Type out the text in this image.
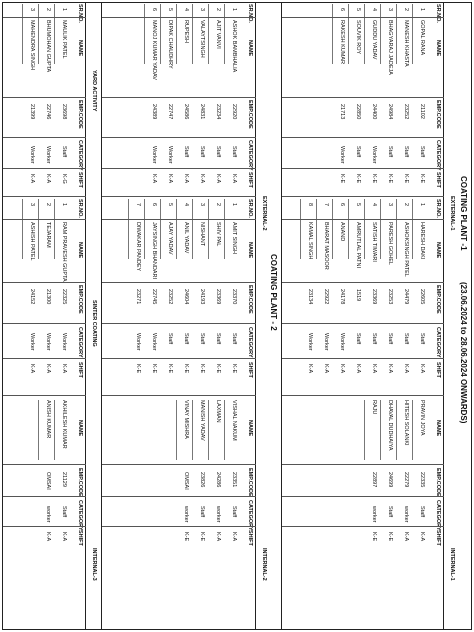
COATING PLANT -1
(23.06.2024 to 28.06.2024 ONWARDS)
COATING PLANT - 2
EXTERNAL-1
INTERNAL-1
EXTERNAL-2
INTERNAL-2
YARD ACTIVITY
SINTER COATING
INTERNAL-3
SR.NO.
NAME
EMP.CODE
CATEGORY
SHIFT
SR.NO.
NAME
EMP.CODE
CATEGORY
SHIFT
NAME
EMP.CODE
CATEGORY
SHIFT
1
GOPAL RANA
21102
Staff
K-E
2
MANESH KHASTA
23252
Staff
K-E
3
BHAGYARAJ JADEJA
24984
Staff
K-E
4
GUDDU YADAV
24400
Worker
K-E
5
SOUVIK ROY
22850
Staff
K-E
6
RAKESH KUMAR
21713
Worker
K-E
1
HARESH DAKI
22605
Staff
K-A
2
ASHOKSINGH PATEL
24479
Staff
K-A
3
PARESH GOHEL
23253
Staff
K-A
4
SATISH TIWARI
23369
Staff
K-A
5
AMRUTLAL PATNI
1519
Staff
K-A
6
ANAND
24178
Worker
K-A
7
BHARAT MASOOR
22922
Worker
K-A
8
KAMAL SINGH
23134
Worker
K-A
PRAVIN JOYA
22335
Staff
K-A
HITESH SOLANKI
22279
worker
K-A
DHAVAL DUDHAIYA
24699
Staff
K-E
RAJU
22897
worker
K-E
SR.NO.
NAME
EMP.CODE
CATEGORY
SHIFT
SR.NO.
NAME
EMP.CODE
CATEGORY
SHIFT
NAME
EMP.CODE
CATEGORY
SHIFT
1
ASHOK BAMBHALIA
22920
Staff
K-A
2
AJIT VANVI
23234
Staff
K-A
3
VALAYTSINGH
24831
Staff
K-A
4
RUPESH
24586
Staff
K-A
5
DIPAK CHAUDHRY
22747
Worker
K-A
6
MANOJ KUMAR YADAV
24389
Worker
K-A
1
AMIT SINGH
23370
Staff
K-E
2
SHIV PAL
23369
Staff
K-E
3
NISHANT
24193
Staff
K-E
4
ANIL YADAV
24604
Staff
K-E
5
AJAY YADAV
23252
Staff
K-E
6
JAYSINGH BHANDARI
22745
Worker
K-E
7
DIWAKAR PANDEY
23271
Worker
K-E
VISHAL NAKUM
23351
Staff
K-A
LAXMAN
24286
worker
K-A
MANISH YADAV
23826
Staff
K-E
VINAY MISHRA
OMSAI
worker
K-E
SR.NO.
NAME
EMP.CODE
CATEGORY
SHIFT
SR.NO.
NAME
EMP.CODE
CATEGORY
SHIFT
NAME
EMP.CODE
CATEGORY
SHIFT
1
MAULIK PATEL
23698
Staff
K-G
2
BHUMOHAN GUPTA
22746
Worker
K-A
3
MAHENDRA SINGH
21399
Worker
K-A
1
RAM PRAVESH GUPTA
22325
Worker
K-A
2
TEJARAM
21300
Worker
K-A
3
ASHISH PATEL
24152
Worker
K-A
AKHILESH KUMAR
21129
Staff
K-A
ANISH KUMAR
OMSAI
worker
K-A
